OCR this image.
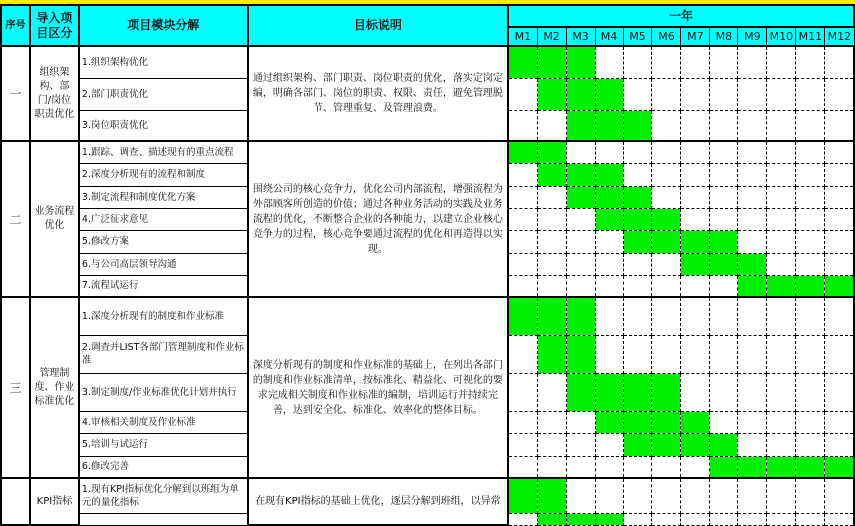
序号	导入项目区分	项目模块分解	目标说明	一年											
				M1	M2	M3	M4	M5	M6	M7	M8	M9	M10	M11	M12
一	组织架构、部门/岗位职责优化	1.组织架构优化	通过组织架构、部门职责、岗位职责的优化，落实定岗定编，明确各部门、岗位的职责、权限、责任，避免管理脱节、管理重复、及管理浪费。												
		2.部门职责优化													
		3.岗位职责优化													
二	业务流程优化	1.跟踪、调查、描述现有的重点流程	围绕公司的核心竞争力，优化公司内部流程，增强流程为外部顾客所创造的价值；通过各种业务活动的实践及业务流程的优化，不断整合企业的各种能力，以建立企业核心竞争力的过程，核心竞争要通过流程的优化和再造得以实现。												
		2.深度分析现有的流程和制度													
		3.制定流程和制度优化方案													
		4.广泛征求意见													
		5.修改方案													
		6.与公司高层领导沟通													
		7.流程试运行													
三	管理制度、作业标准优化	1.深度分析现有的制度和作业标准	深度分析现有的制度和作业标准的基础上，在列出各部门的制度和作业标准清单，按标准化、精益化、可视化的要求完成相关制度和作业标准的编制，培训运行并持续完善，达到安全化、标准化、效率化的整体目标。												
		2.调查并LIST各部门管理制度和作业标准													
		3.制定制度/作业标准优化计划并执行													
		4.审核相关制度及作业标准													
		5.培训与试运行													
		6.修改完善													
	KPI指标	1.现有KPI指标优化分解到以班组为单元的量化指标	在现有KPI指标的基础上优化，逐层分解到班组，以异常												
